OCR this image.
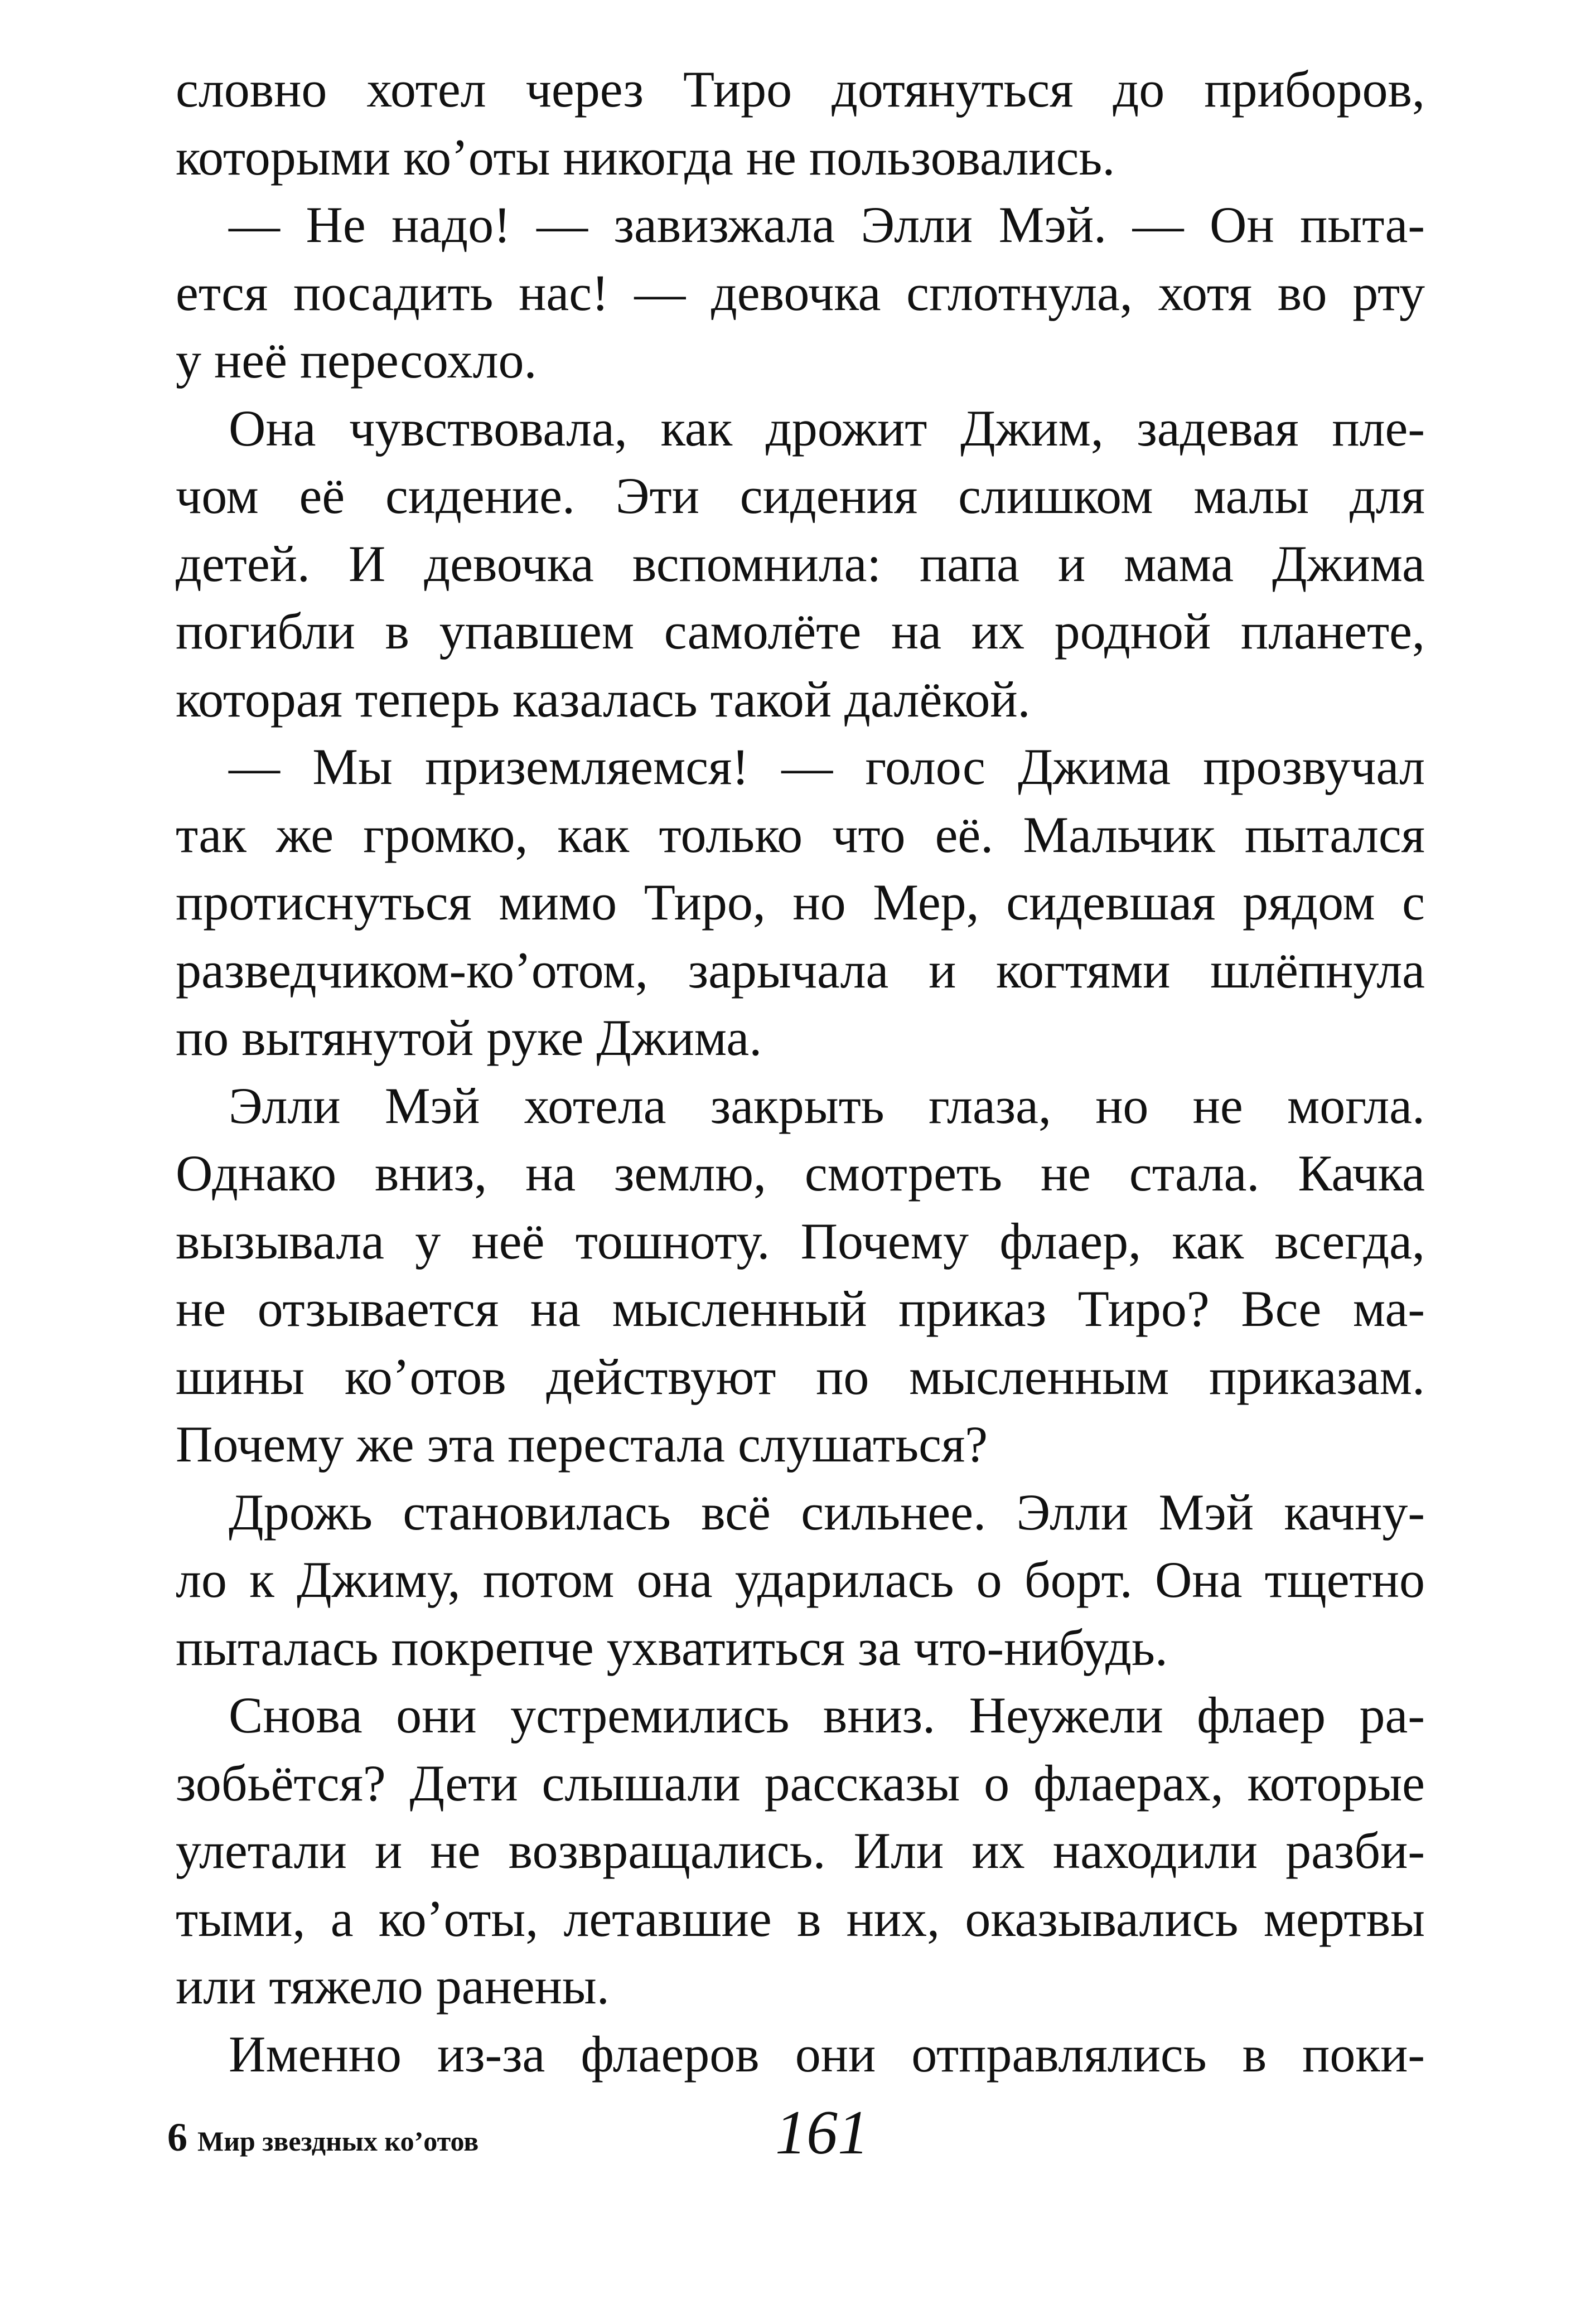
словно хотел через Тиро дотянуться до приборов,
которыми ко’оты никогда не пользовались.
— Не надо! — завизжала Элли Мэй. — Он пыта-
ется посадить нас! — девочка сглотнула, хотя во рту
у неё пересохло.
Она чувствовала, как дрожит Джим, задевая пле-
чом её сидение. Эти сидения слишком малы для
детей. И девочка вспомнила: папа и мама Джима
погибли в упавшем самолёте на их родной планете,
которая теперь казалась такой далёкой.
— Мы приземляемся! — голос Джима прозвучал
так же громко, как только что её. Мальчик пытался
протиснуться мимо Тиро, но Мер, сидевшая рядом с
разведчиком-ко’отом, зарычала и когтями шлёпнула
по вытянутой руке Джима.
Элли Мэй хотела закрыть глаза, но не могла.
Однако вниз, на землю, смотреть не стала. Качка
вызывала у неё тошноту. Почему флаер, как всегда,
не отзывается на мысленный приказ Тиро? Все ма-
шины ко’отов действуют по мысленным приказам.
Почему же эта перестала слушаться?
Дрожь становилась всё сильнее. Элли Мэй качну-
ло к Джиму, потом она ударилась о борт. Она тщетно
пыталась покрепче ухватиться за что-нибудь.
Снова они устремились вниз. Неужели флаер ра-
зобьётся? Дети слышали рассказы о флаерах, которые
улетали и не возвращались. Или их находили разби-
тыми, а ко’оты, летавшие в них, оказывались мертвы
или тяжело ранены.
Именно из-за флаеров они отправлялись в поки-
6 Мир звездных ко’отов	161
